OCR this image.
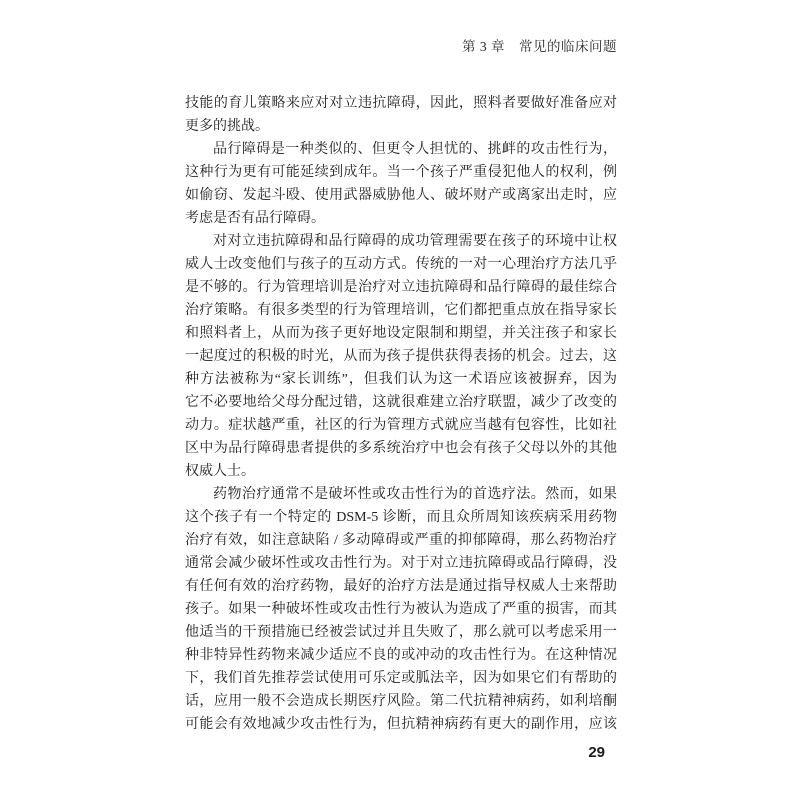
第 3 章　常见的临床问题
技能的育儿策略来应对对立违抗障碍，因此，照料者要做好准备应对
更多的挑战。
品行障碍是一种类似的、但更令人担忧的、挑衅的攻击性行为，
这种行为更有可能延续到成年。当一个孩子严重侵犯他人的权利，例
如偷窃、发起斗殴、使用武器威胁他人、破坏财产或离家出走时，应
考虑是否有品行障碍。
对对立违抗障碍和品行障碍的成功管理需要在孩子的环境中让权
威人士改变他们与孩子的互动方式。传统的一对一心理治疗方法几乎
是不够的。行为管理培训是治疗对立违抗障碍和品行障碍的最佳综合
治疗策略。有很多类型的行为管理培训，它们都把重点放在指导家长
和照料者上，从而为孩子更好地设定限制和期望，并关注孩子和家长
一起度过的积极的时光，从而为孩子提供获得表扬的机会。过去，这
种方法被称为“家长训练”，但我们认为这一术语应该被摒弃，因为
它不必要地给父母分配过错，这就很难建立治疗联盟，减少了改变的
动力。症状越严重，社区的行为管理方式就应当越有包容性，比如社
区中为品行障碍患者提供的多系统治疗中也会有孩子父母以外的其他
权威人士。
药物治疗通常不是破坏性或攻击性行为的首选疗法。然而，如果
这个孩子有一个特定的 DSM-5 诊断，而且众所周知该疾病采用药物
治疗有效，如注意缺陷 / 多动障碍或严重的抑郁障碍，那么药物治疗
通常会减少破坏性或攻击性行为。对于对立违抗障碍或品行障碍，没
有任何有效的治疗药物，最好的治疗方法是通过指导权威人士来帮助
孩子。如果一种破坏性或攻击性行为被认为造成了严重的损害，而其
他适当的干预措施已经被尝试过并且失败了，那么就可以考虑采用一
种非特异性药物来减少适应不良的或冲动的攻击性行为。在这种情况
下，我们首先推荐尝试使用可乐定或胍法辛，因为如果它们有帮助的
话，应用一般不会造成长期医疗风险。第二代抗精神病药，如利培酮
可能会有效地减少攻击性行为，但抗精神病药有更大的副作用，应该
29
